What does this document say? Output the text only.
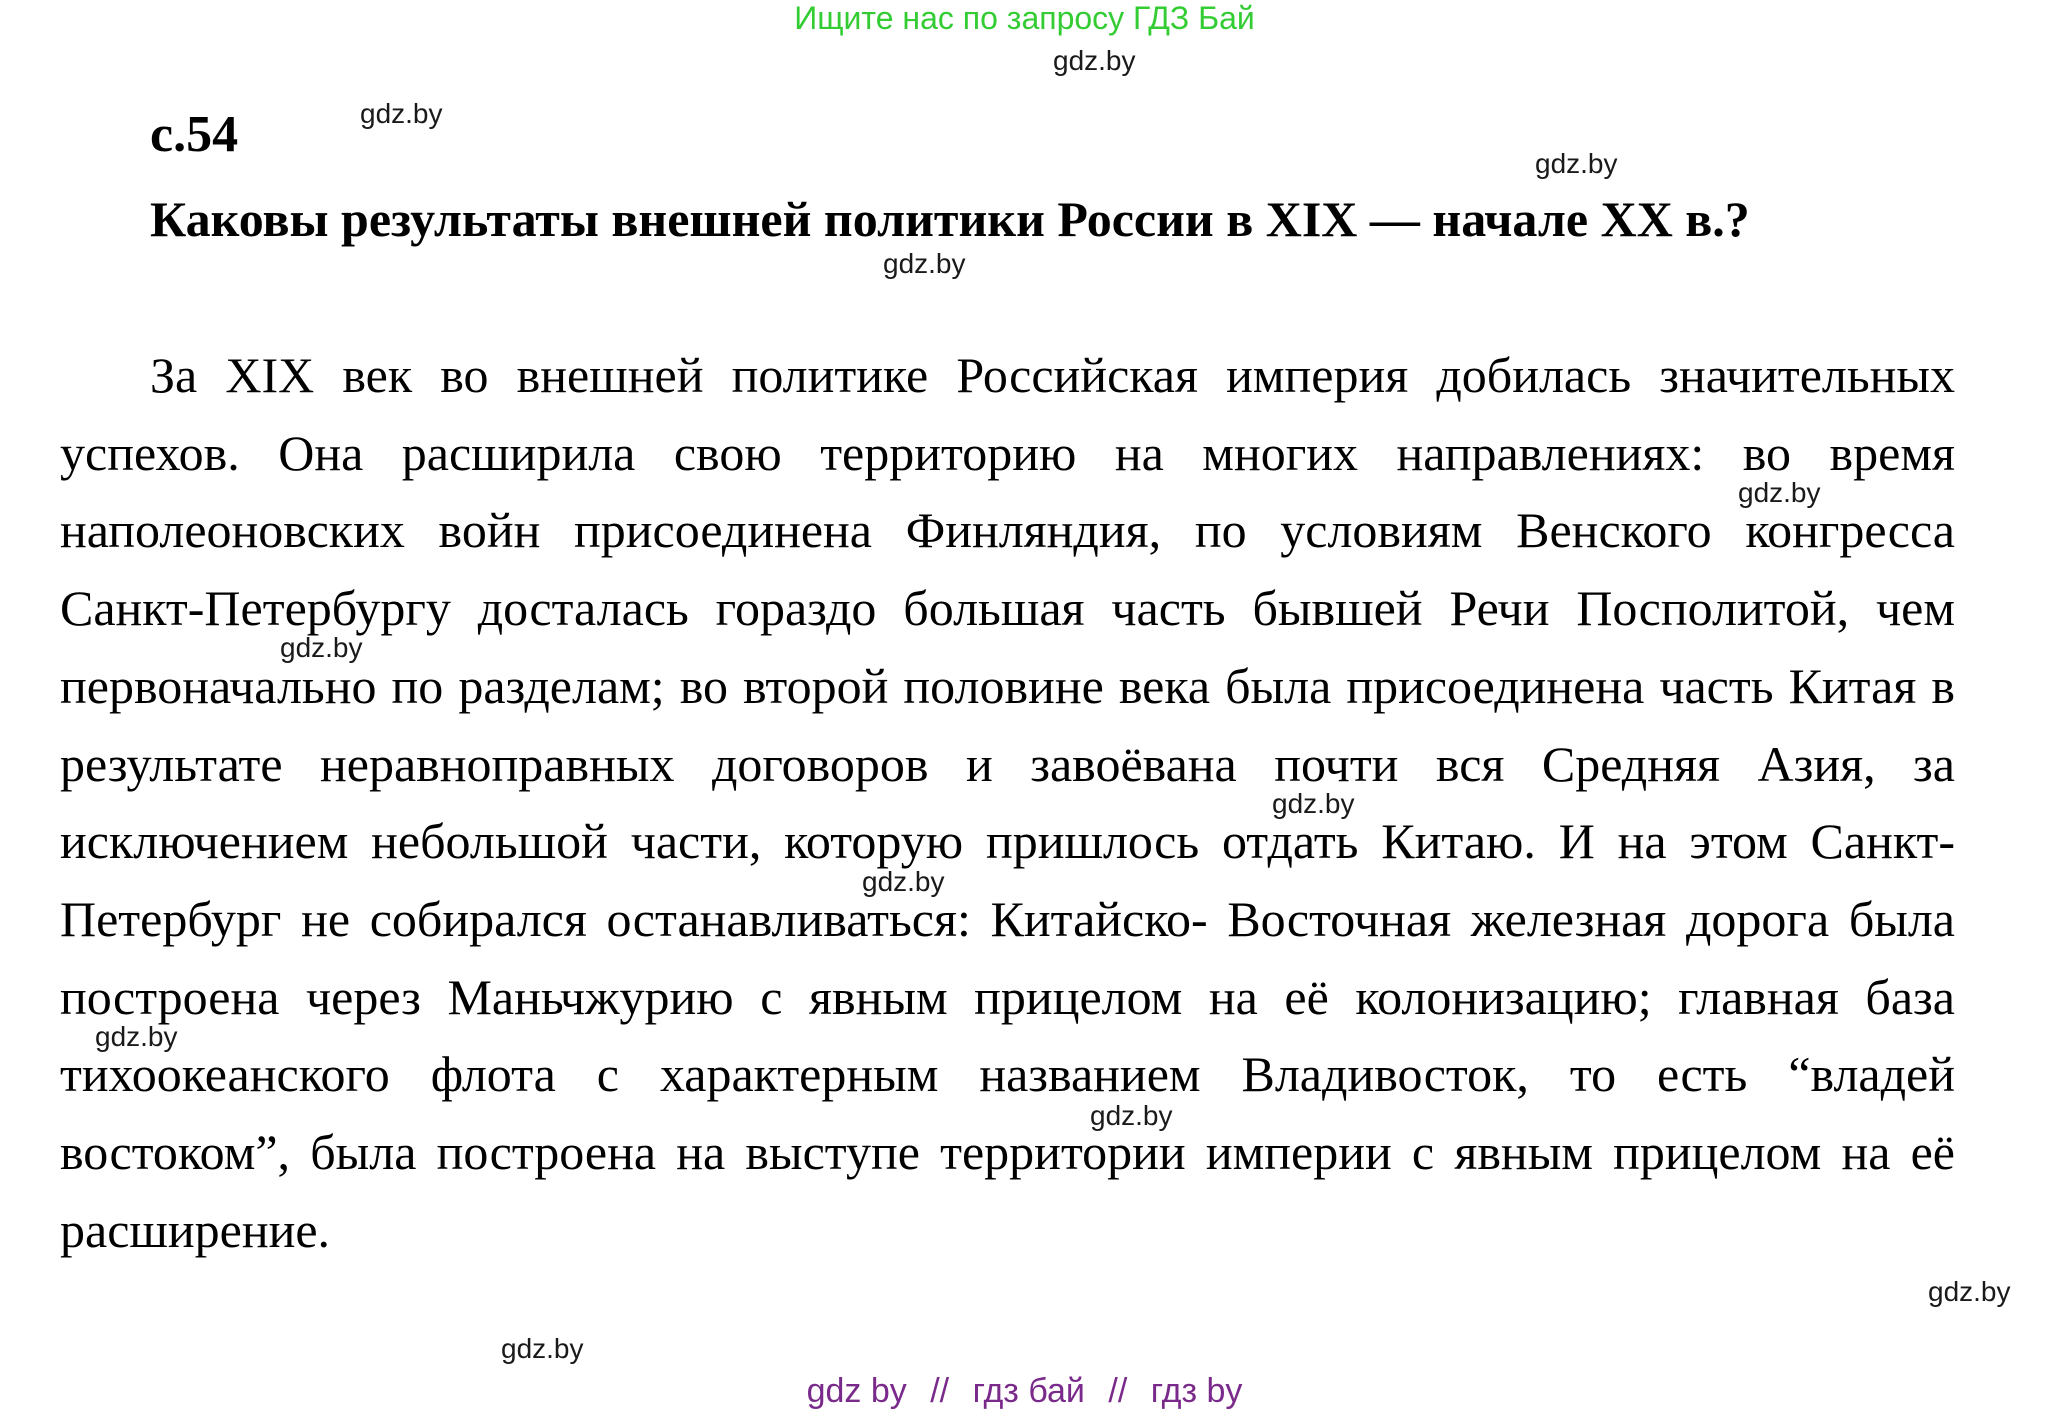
Ищите нас по запросу ГДЗ Бай
gdz.by
gdz.by
gdz.by
gdz.by
gdz.by
gdz.by
gdz.by
gdz.by
gdz.by
gdz.by
gdz.by
gdz.by
с.54

Каковы результаты внешней политики России в XIX — начале XX в.?

За XIX век во внешней политике Российская империя добилась значительных успехов. Она расширила свою территорию на многих направлениях: во время наполеоновских войн присоединена Финляндия, по условиям Венского конгресса Санкт-Петербургу досталась гораздо большая часть бывшей Речи Посполитой, чем первоначально по разделам; во второй половине века была присоединена часть Китая в результате неравноправных договоров и завоёвана почти вся Средняя Азия, за исключением небольшой части, которую пришлось отдать Китаю. И на этом Санкт-Петербург не собирался останавливаться: Китайско- Восточная железная дорога была построена через Маньчжурию с явным прицелом на её колонизацию; главная база тихоокеанского флота с характерным названием Владивосток, то есть “владей востоком”, была построена на выступе территории империи с явным прицелом на её расширение.

gdz by // гдз бай // гдз by
